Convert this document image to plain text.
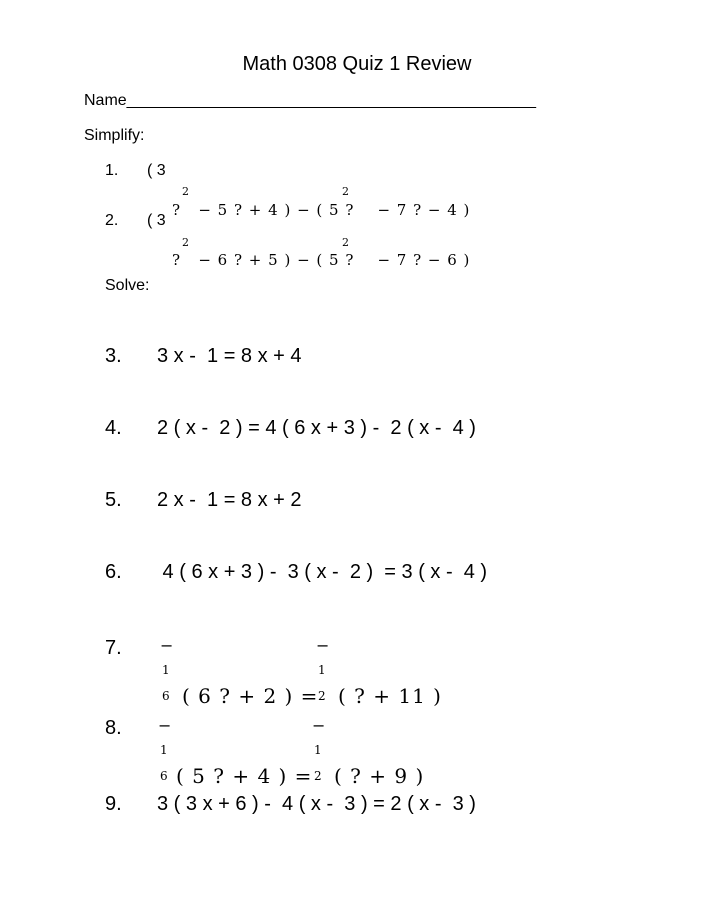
Math 0308 Quiz 1 Review
Name______________________________________________
Simplify:
1. ( 3
2	2
?   − 6 ? + 5 ) − ( 5 ?    − 7 ? − 6 )
2. ( 3
2	2
?   − 5 ? + 4 ) − ( 5 ?    − 7 ? − 4 )
Solve:
3. 3 x -  1 = 8 x + 4
4. 2 ( x -  2 ) = 4 ( 6 x + 3 ) -  2 ( x -  4 )
5. 2 x -  1 = 8 x + 2
6. 4 ( 6 x + 3 ) -  3 ( x -  2 )  = 3 ( x -  4 )
7. −
1
6 ( 6 ? + 2 ) =
−
1
2 ( ? + 11 )
8. −
1
6 ( 5 ? + 4 ) =
−
1
2 ( ? + 9 )
9. 3 ( 3 x + 6 ) -  4 ( x -  3 ) = 2 ( x -  3 )
